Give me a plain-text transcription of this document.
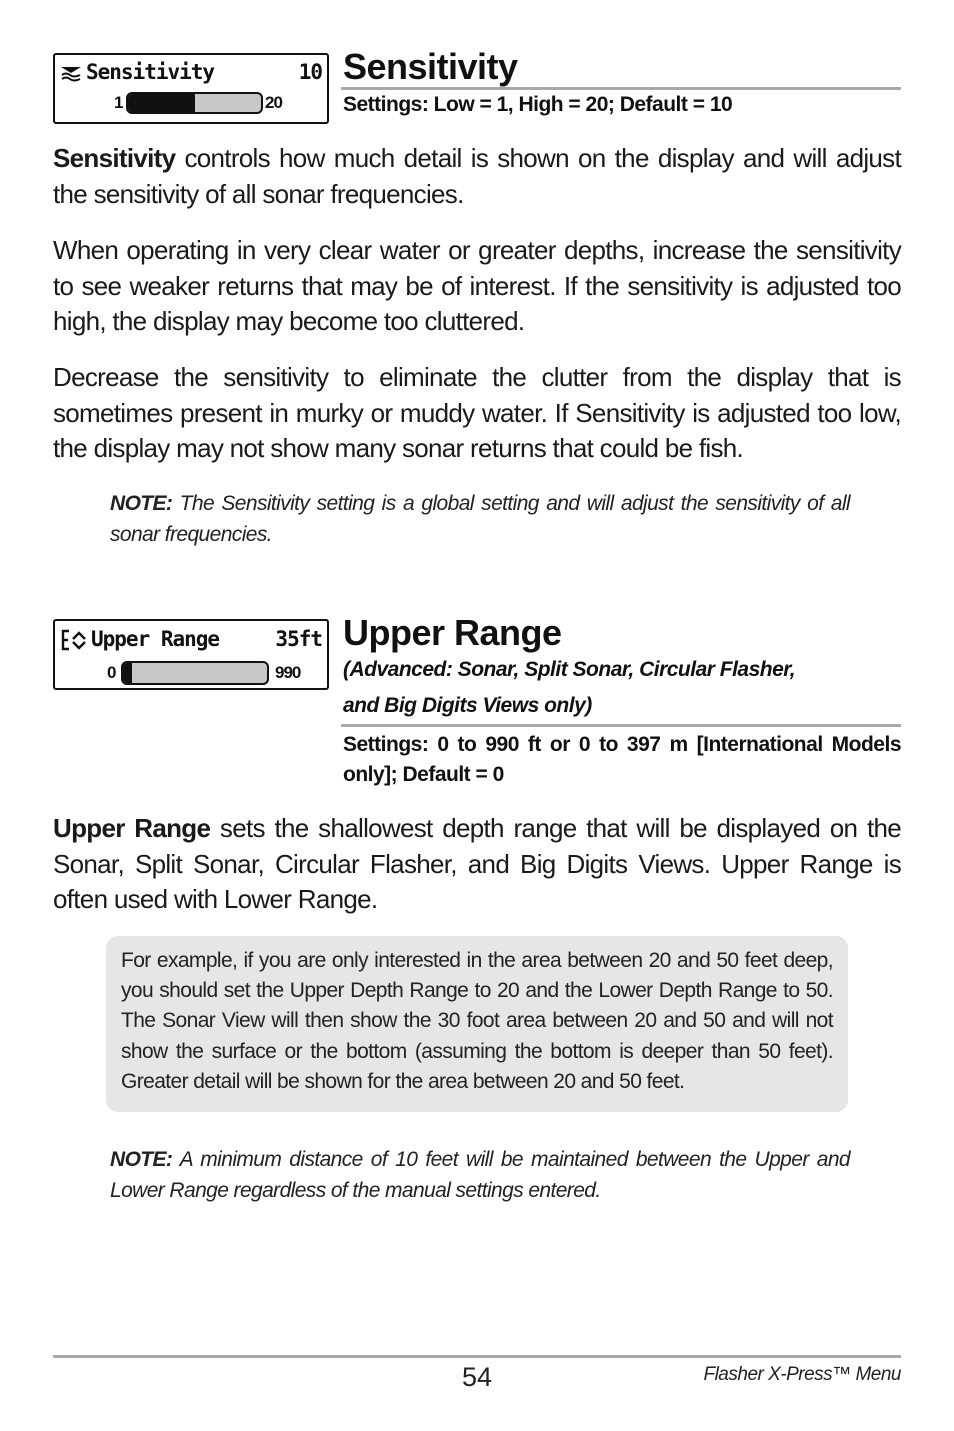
Sensitivity	10
1	20
Sensitivity
Settings: Low = 1, High = 20; Default = 10

Sensitivity controls how much detail is shown on the display and will adjust the sensitivity of all sonar frequencies.

When operating in very clear water or greater depths, increase the sensitivity to see weaker returns that may be of interest. If the sensitivity is adjusted too high, the display may become too cluttered.

Decrease the sensitivity to eliminate the clutter from the display that is sometimes present in murky or muddy water. If Sensitivity is adjusted too low, the display may not show many sonar returns that could be fish.

NOTE: The Sensitivity setting is a global setting and will adjust the sensitivity of all sonar frequencies.

Upper Range	35ft
0	990
Upper Range
(Advanced: Sonar, Split Sonar, Circular Flasher,
and Big Digits Views only)
Settings: 0 to 990 ft or 0 to 397 m [International Models only]; Default = 0

Upper Range sets the shallowest depth range that will be displayed on the Sonar, Split Sonar, Circular Flasher, and Big Digits Views. Upper Range is often used with Lower Range.

For example, if you are only interested in the area between 20 and 50 feet deep, you should set the Upper Depth Range to 20 and the Lower Depth Range to 50. The Sonar View will then show the 30 foot area between 20 and 50 and will not show the surface or the bottom (assuming the bottom is deeper than 50 feet). Greater detail will be shown for the area between 20 and 50 feet.

NOTE: A minimum distance of 10 feet will be maintained between the Upper and Lower Range regardless of the manual settings entered.

54	Flasher X-Press™ Menu
